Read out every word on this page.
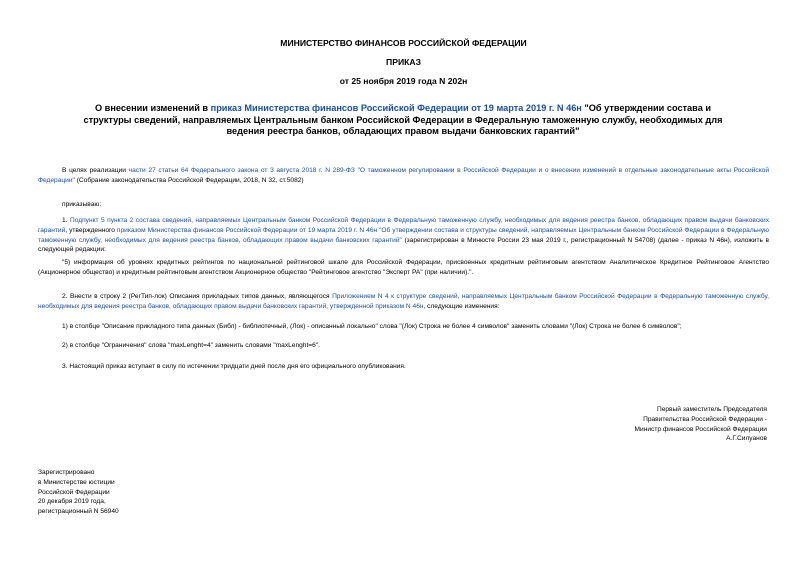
МИНИСТЕРСТВО ФИНАНСОВ РОССИЙСКОЙ ФЕДЕРАЦИИ
ПРИКАЗ
от 25 ноября 2019 года N 202н
О внесении изменений в приказ Министерства финансов Российской Федерации от 19 марта 2019 г. N 46н "Об утверждении состава и структуры сведений, направляемых Центральным банком Российской Федерации в Федеральную таможенную службу, необходимых для ведения реестра банков, обладающих правом выдачи банковских гарантий"

В целях реализации части 27 статьи 64 Федерального закона от 3 августа 2018 г. N 289-ФЗ "О таможенном регулировании в Российской Федерации и о внесении изменений в отдельные законодательные акты Российской Федерации" (Собрание законодательства Российской Федерации, 2018, N 32, ст.5082)

приказываю:

1. Подпункт 5 пункта 2 состава сведений, направляемых Центральным банком Российской Федерации в Федеральную таможенную службу, необходимых для ведения реестра банков, обладающих правом выдачи банковских гарантий, утвержденного приказом Министерства финансов Российской Федерации от 19 марта 2019 г. N 46н "Об утверждении состава и структуры сведений, направляемых Центральным банком Российской Федерации в Федеральную таможенную службу, необходимых для ведения реестра банков, обладающих правом выдачи банковских гарантий" (зарегистрирован в Минюсте России 23 мая 2019 г., регистрационный N 54708) (далее - приказ N 46н), изложить в следующей редакции:

"5) информация об уровнях кредитных рейтингов по национальной рейтинговой шкале для Российской Федерации, присвоенных кредитным рейтинговым агентством Аналитическое Кредитное Рейтинговое Агентство (Акционерное общество) и кредитным рейтинговым агентством Акционерное общество "Рейтинговое агентство "Эксперт РА" (при наличии).".

2. Внести в строку 2 (РегТип-лок) Описания прикладных типов данных, являющегося Приложением N 4 к структуре сведений, направляемых Центральным банком Российской Федерации в Федеральную таможенную службу, необходимых для ведения реестра банков, обладающих правом выдачи банковских гарантий, утвержденной приказом N 46н, следующие изменения:

1) в столбце "Описание прикладного типа данных (Библ) - библиотечный, (Лок) - описанный локально" слова "(Лок) Строка не более 4 символов" заменить словами "(Лок) Строка не более 6 символов";

2) в столбце "Ограничения" слова "maxLenght=4" заменить словами "maxLenght=6".

3. Настоящий приказ вступает в силу по истечении тридцати дней после дня его официального опубликования.

Первый заместитель Председателя
Правительства Российской Федерации -
Министр финансов Российской Федерации
А.Г.Силуанов
Зарегистрировано
в Министерстве юстиции
Российской Федерации
20 декабря 2019 года,
регистрационный N 56940
